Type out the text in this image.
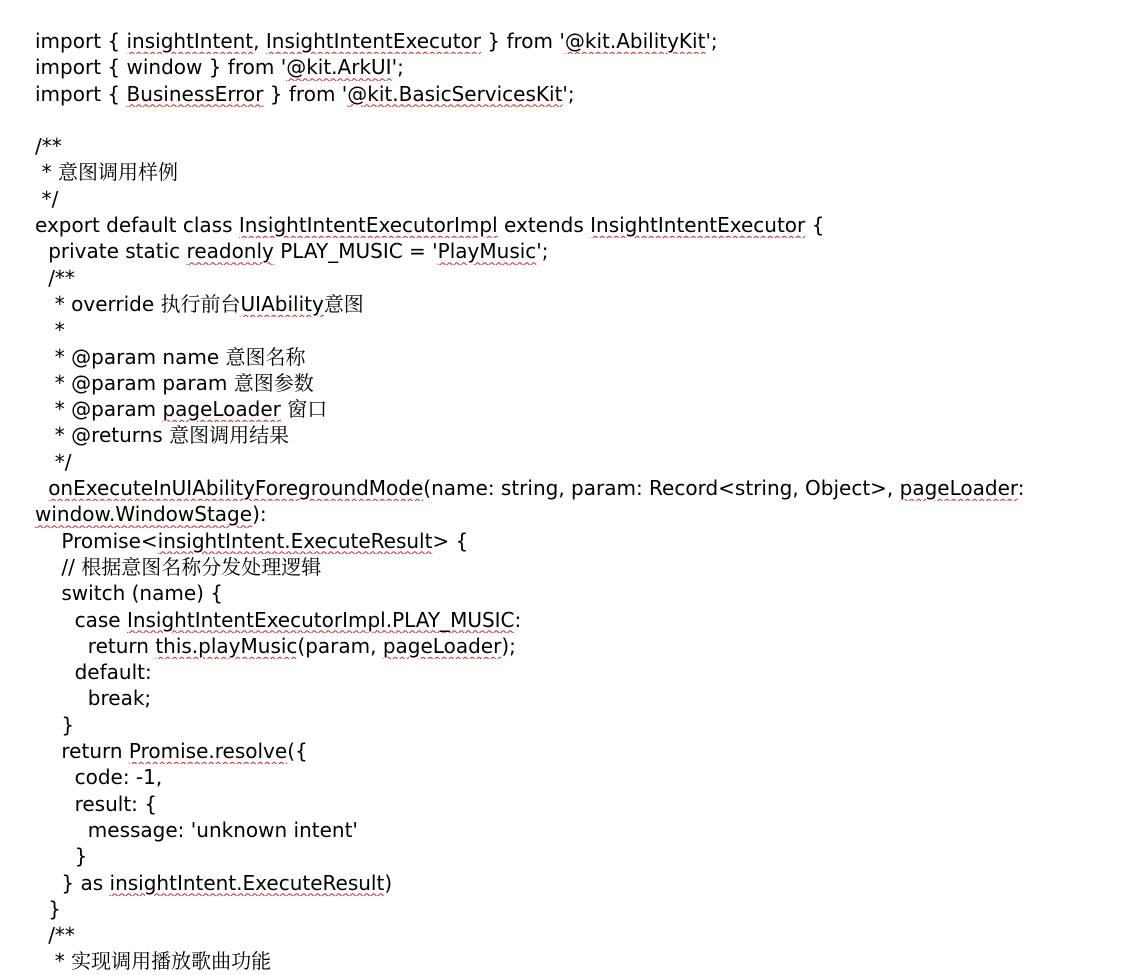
import { insightIntent, InsightIntentExecutor } from '@kit.AbilityKit';
import { window } from '@kit.ArkUI';
import { BusinessError } from '@kit.BasicServicesKit';
/**
* 意图调用样例
*/
export default class InsightIntentExecutorImpl extends InsightIntentExecutor {
private static readonly PLAY_MUSIC = 'PlayMusic';
/**
* override 执行前台UIAbility意图
*
* @param name 意图名称
* @param param 意图参数
* @param pageLoader 窗口
* @returns 意图调用结果
*/
onExecuteInUIAbilityForegroundMode(name: string, param: Record<string, Object>, pageLoader:
window.WindowStage):
Promise<insightIntent.ExecuteResult> {
// 根据意图名称分发处理逻辑
switch (name) {
case InsightIntentExecutorImpl.PLAY_MUSIC:
return this.playMusic(param, pageLoader);
default:
break;
}
return Promise.resolve({
code: -1,
result: {
message: 'unknown intent'
}
} as insightIntent.ExecuteResult)
}
/**
* 实现调用播放歌曲功能
